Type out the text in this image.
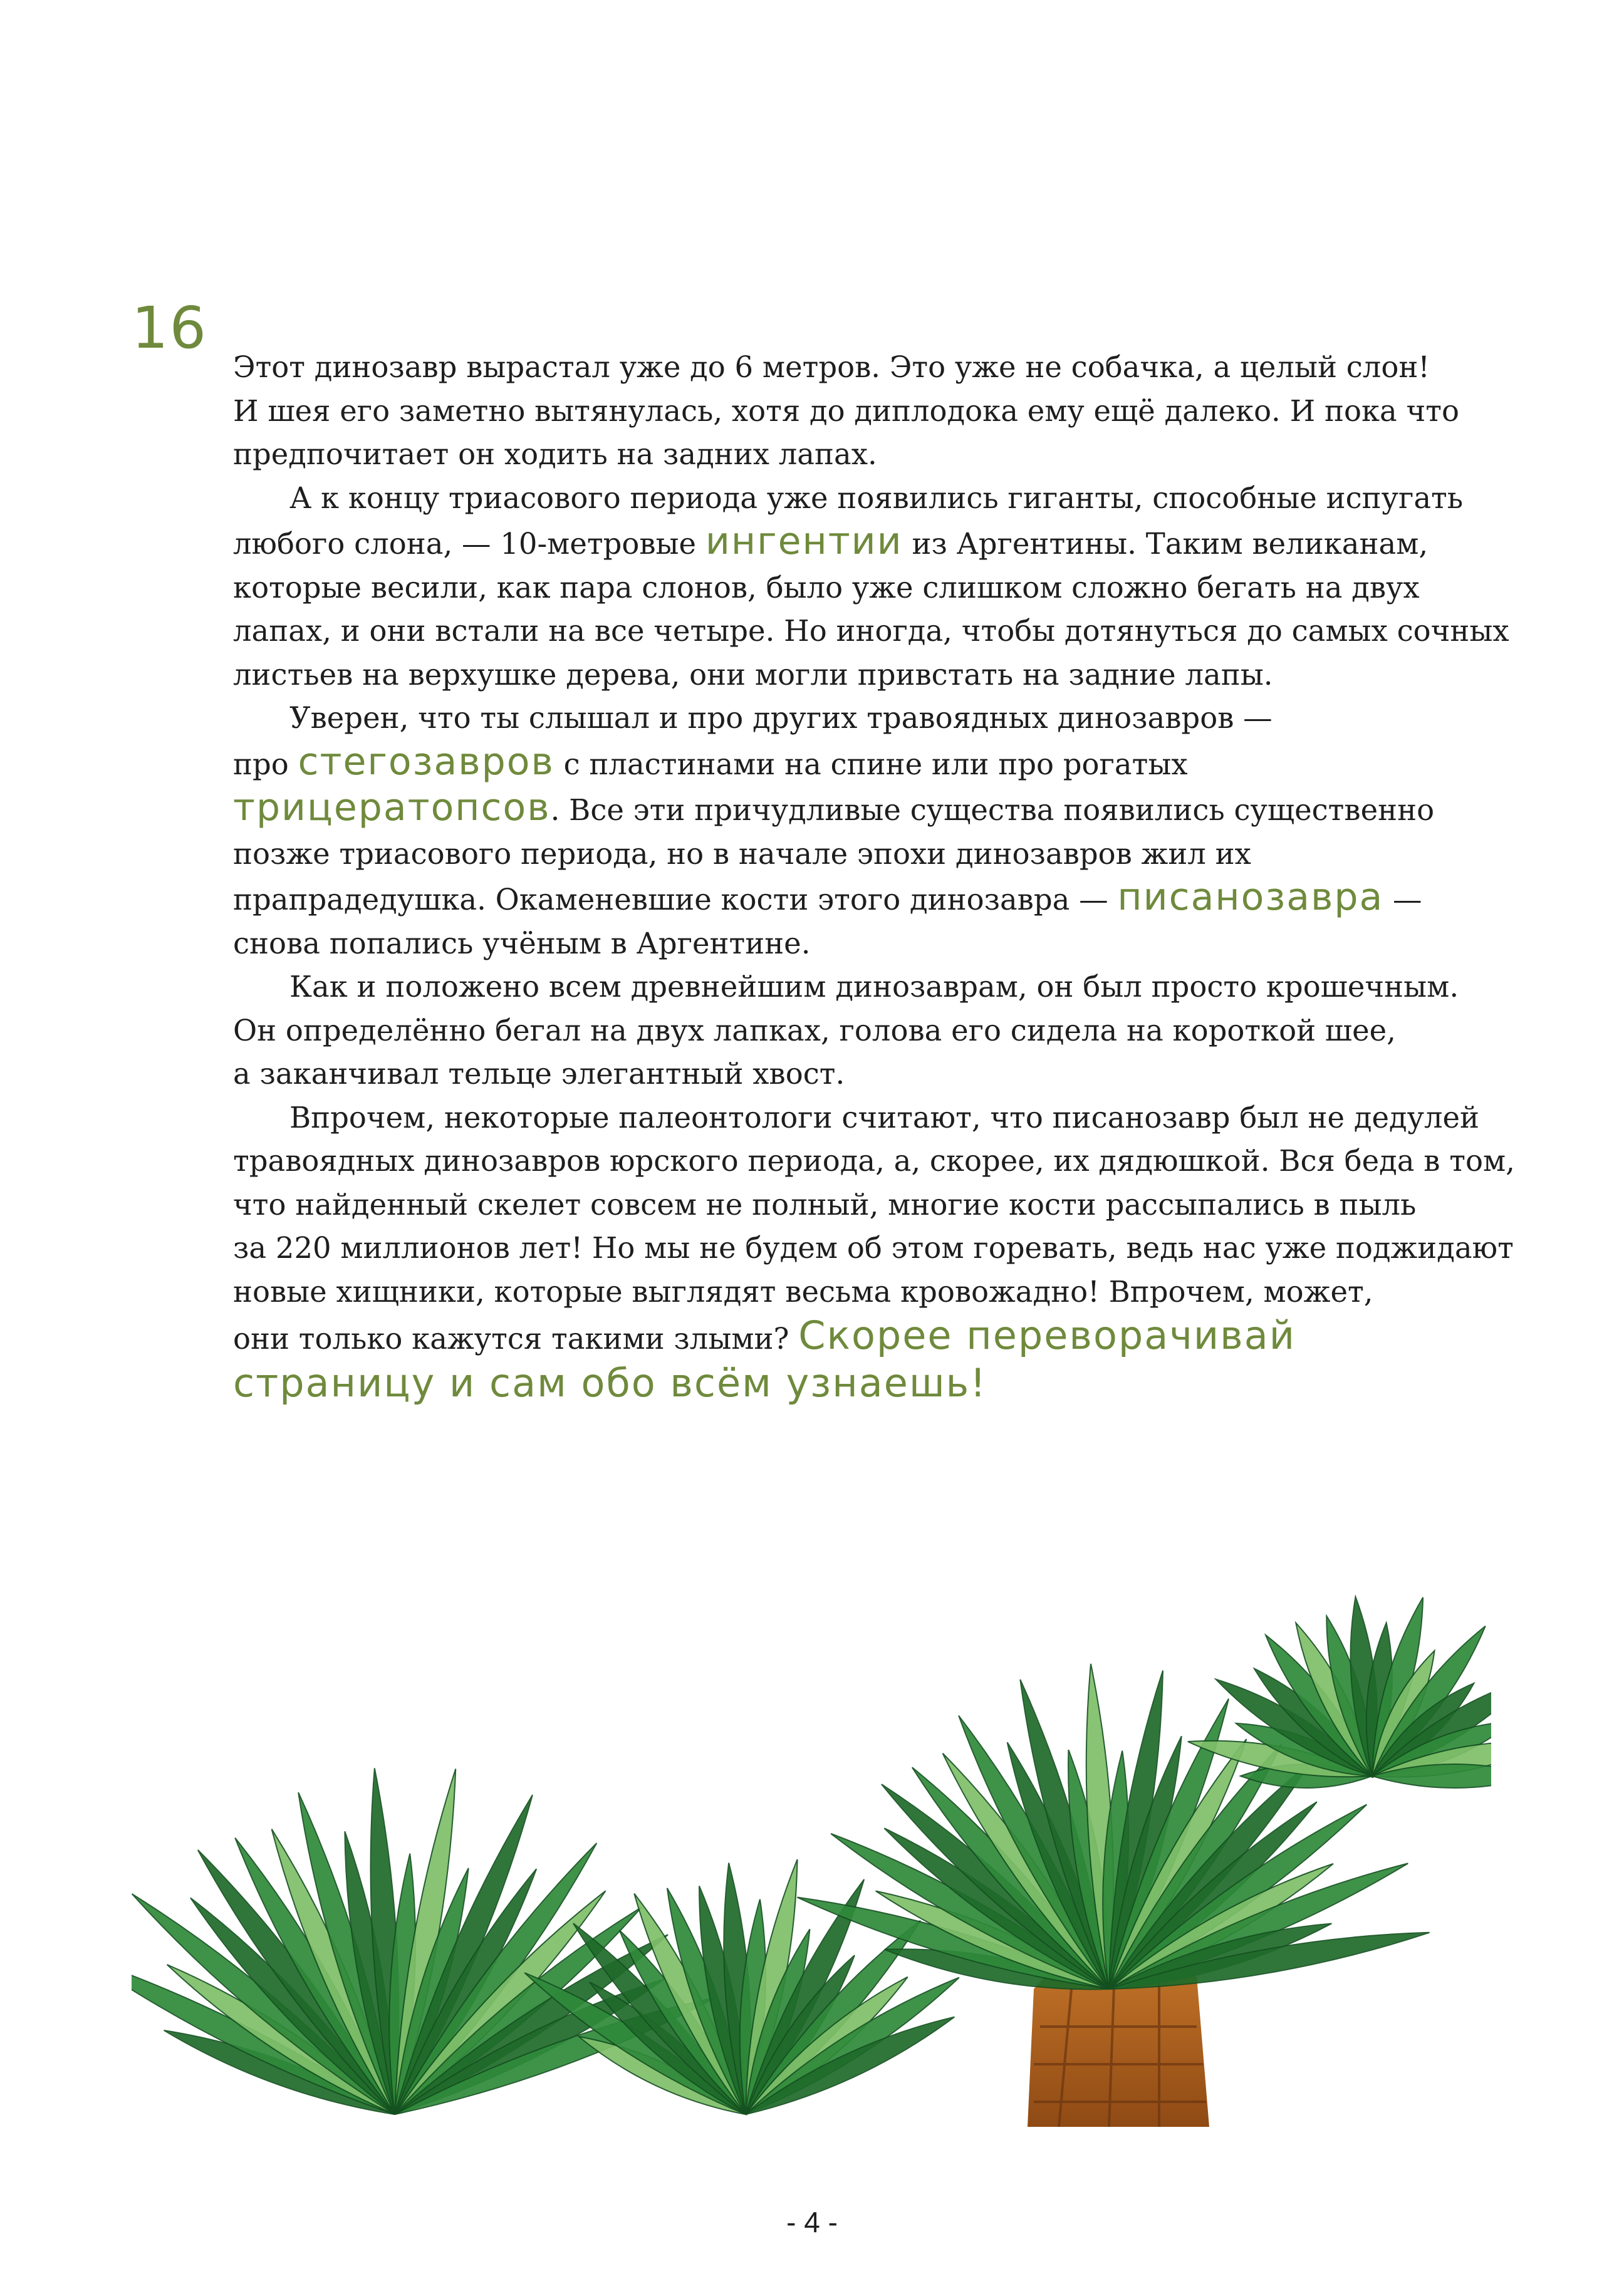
16

Этот динозавр вырастал уже до 6 метров. Это уже не собачка, а целый слон!
И шея его заметно вытянулась, хотя до диплодока ему ещё далеко. И пока что
предпочитает он ходить на задних лапах.

А к концу триасового периода уже появились гиганты, способные испугать
любого слона, — 10-метровые ингентии из Аргентины. Таким великанам,
которые весили, как пара слонов, было уже слишком сложно бегать на двух
лапах, и они встали на все четыре. Но иногда, чтобы дотянуться до самых сочных
листьев на верхушке дерева, они могли привстать на задние лапы.

Уверен, что ты слышал и про других травоядных динозавров —
про стегозавров с пластинами на спине или про рогатых
трицератопсов. Все эти причудливые существа появились существенно
позже триасового периода, но в начале эпохи динозавров жил их
прапрадедушка. Окаменевшие кости этого динозавра — писанозавра —
снова попались учёным в Аргентине.

Как и положено всем древнейшим динозаврам, он был просто крошечным.
Он определённо бегал на двух лапках, голова его сидела на короткой шее,
а заканчивал тельце элегантный хвост.

Впрочем, некоторые палеонтологи считают, что писанозавр был не дедулей
травоядных динозавров юрского периода, а, скорее, их дядюшкой. Вся беда в том,
что найденный скелет совсем не полный, многие кости рассыпались в пыль
за 220 миллионов лет! Но мы не будем об этом горевать, ведь нас уже поджидают
новые хищники, которые выглядят весьма кровожадно! Впрочем, может,
они только кажутся такими злыми? Скорее переворачивай
страницу и сам обо всём узнаешь!

- 4 -
